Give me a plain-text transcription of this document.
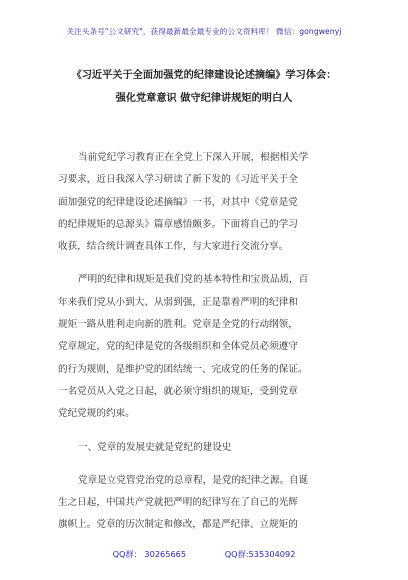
关注头条号"公文研究"，获得最新最全最专业的公文资料库！ 微信：gongwenyj
《习近平关于全面加强党的纪律建设论述摘编》学习体会：
强化党章意识 做守纪律讲规矩的明白人
当前党纪学习教育正在全党上下深入开展，根据相关学
习要求，近日我深入学习研读了新下发的《习近平关于全
面加强党的纪律建设论述摘编》一书，对其中《党章是党
的纪律规矩的总源头》篇章感悟颇多。下面将自己的学习
收获，结合统计调查具体工作，与大家进行交流分享。
严明的纪律和规矩是我们党的基本特性和宝贵品质，百
年来我们党从小到大、从弱到强，正是靠着严明的纪律和
规矩一路从胜利走向新的胜利。党章是全党的行动纲领，
党章规定，党的纪律是党的各级组织和全体党员必须遵守
的行为规则，是维护党的团结统一、完成党的任务的保证。
一名党员从入党之日起，就必须守组织的规矩，受到党章
党纪党规的约束。
一、党章的发展史就是党纪的建设史
党章是立党管党治党的总章程，是党的纪律之源。自诞
生之日起，中国共产党就把严明的纪律写在了自己的光辉
旗帜上。党章的历次制定和修改，都是严纪律、立规矩的
QQ群： 30265665	QQ群:535304092
